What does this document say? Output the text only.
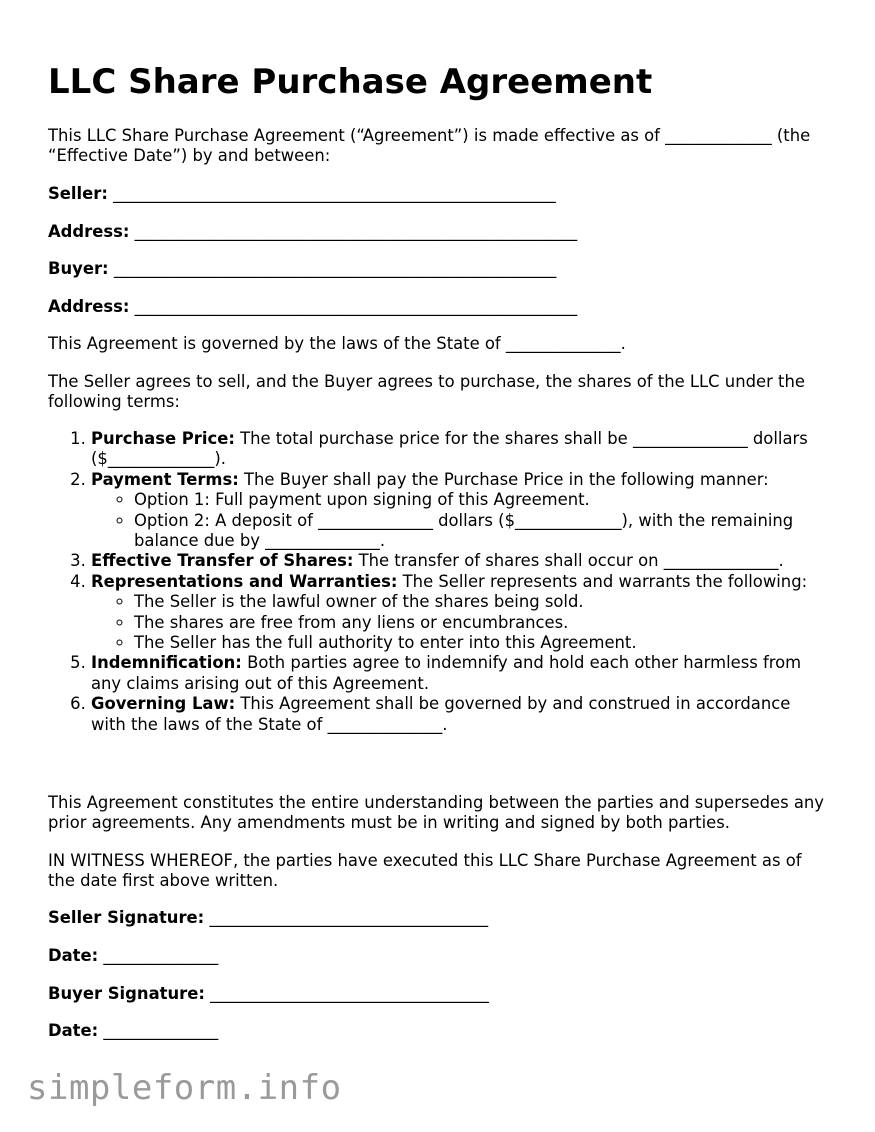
LLC Share Purchase Agreement

This LLC Share Purchase Agreement (“Agreement”) is made effective as of _____________ (the “Effective Date”) by and between:

Seller: ______________________________________________________
Address: ______________________________________________________
Buyer: ______________________________________________________
Address: ______________________________________________________

This Agreement is governed by the laws of the State of ______________.

The Seller agrees to sell, and the Buyer agrees to purchase, the shares of the LLC under the following terms:

1. Purchase Price: The total purchase price for the shares shall be ______________ dollars ($_____________).
2. Payment Terms: The Buyer shall pay the Purchase Price in the following manner:
◦ Option 1: Full payment upon signing of this Agreement.
◦ Option 2: A deposit of ______________ dollars ($_____________), with the remaining balance due by ______________.
3. Effective Transfer of Shares: The transfer of shares shall occur on ______________.
4. Representations and Warranties: The Seller represents and warrants the following:
◦ The Seller is the lawful owner of the shares being sold.
◦ The shares are free from any liens or encumbrances.
◦ The Seller has the full authority to enter into this Agreement.
5. Indemnification: Both parties agree to indemnify and hold each other harmless from any claims arising out of this Agreement.
6. Governing Law: This Agreement shall be governed by and construed in accordance with the laws of the State of ______________.

This Agreement constitutes the entire understanding between the parties and supersedes any prior agreements. Any amendments must be in writing and signed by both parties.

IN WITNESS WHEREOF, the parties have executed this LLC Share Purchase Agreement as of the date first above written.

Seller Signature: __________________________________
Date: ______________
Buyer Signature: __________________________________
Date: ______________
simpleform.info
